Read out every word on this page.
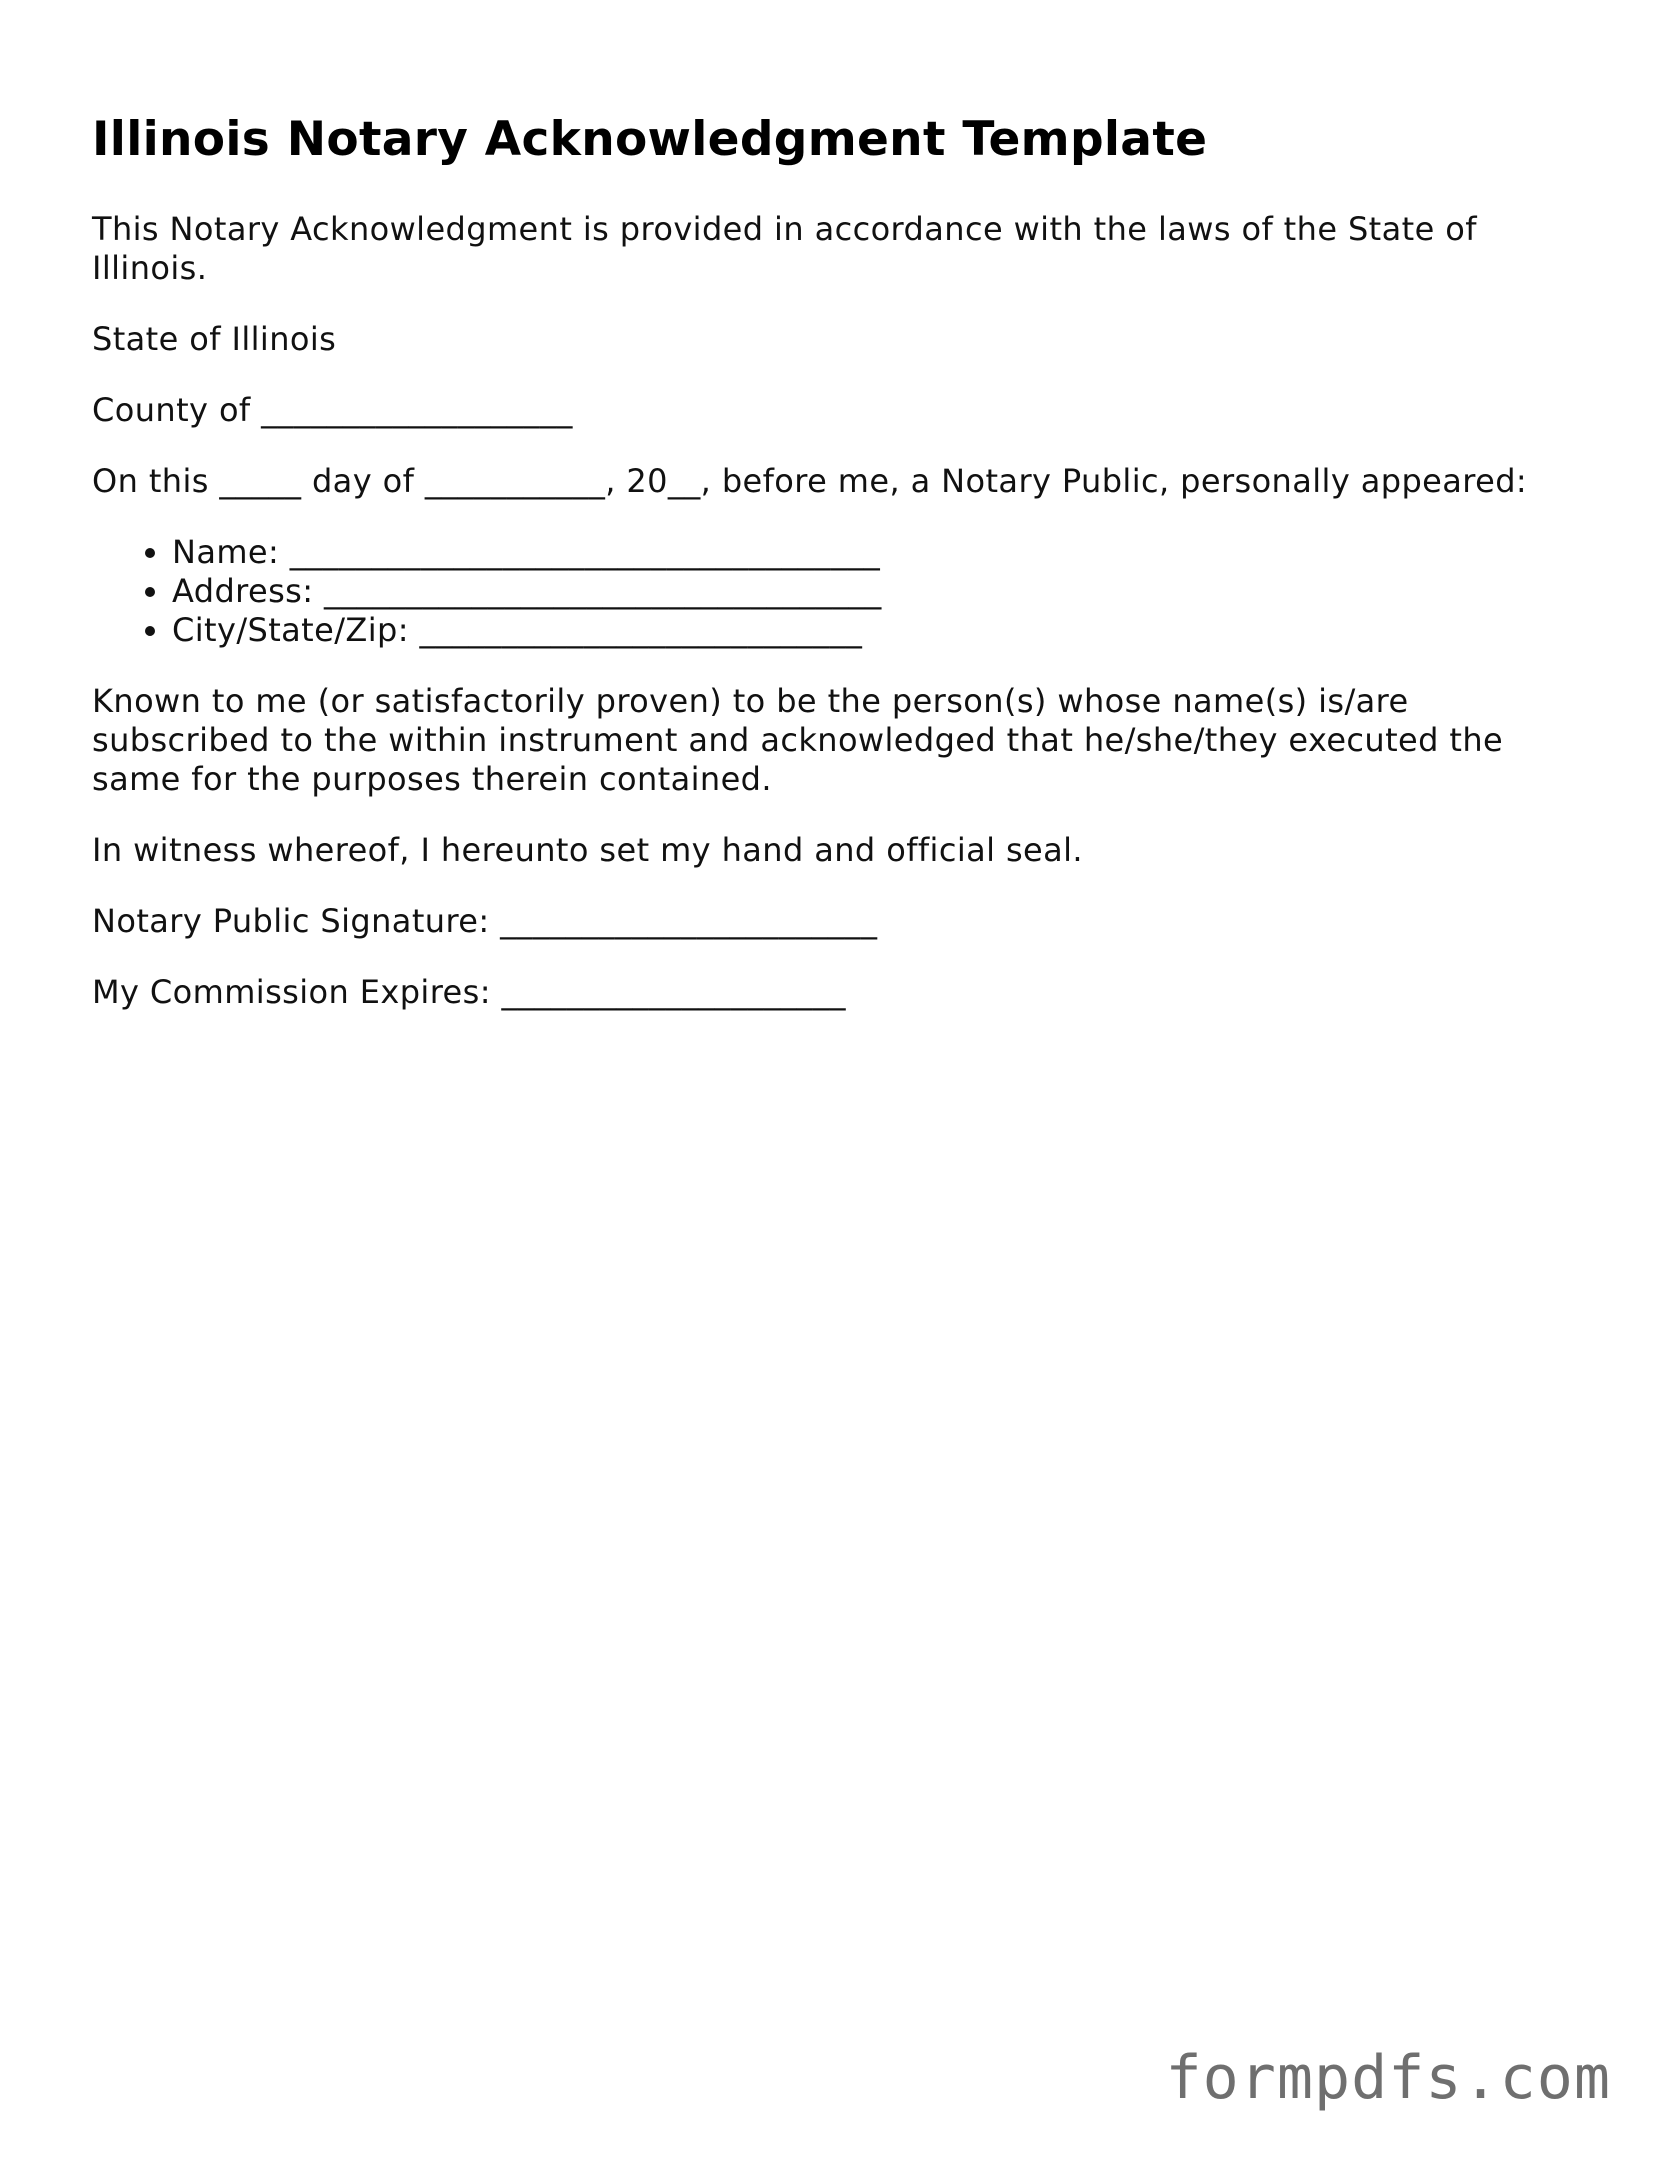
Illinois Notary Acknowledgment Template

This Notary Acknowledgment is provided in accordance with the laws of the State of Illinois.

State of Illinois

County of ___________________

On this _____ day of ___________, 20__, before me, a Notary Public, personally appeared:

• Name: ____________________________________
• Address: __________________________________
• City/State/Zip: ___________________________

Known to me (or satisfactorily proven) to be the person(s) whose name(s) is/are subscribed to the within instrument and acknowledged that he/she/they executed the same for the purposes therein contained.

In witness whereof, I hereunto set my hand and official seal.

Notary Public Signature: _______________________

My Commission Expires: _____________________

formpdfs.com
